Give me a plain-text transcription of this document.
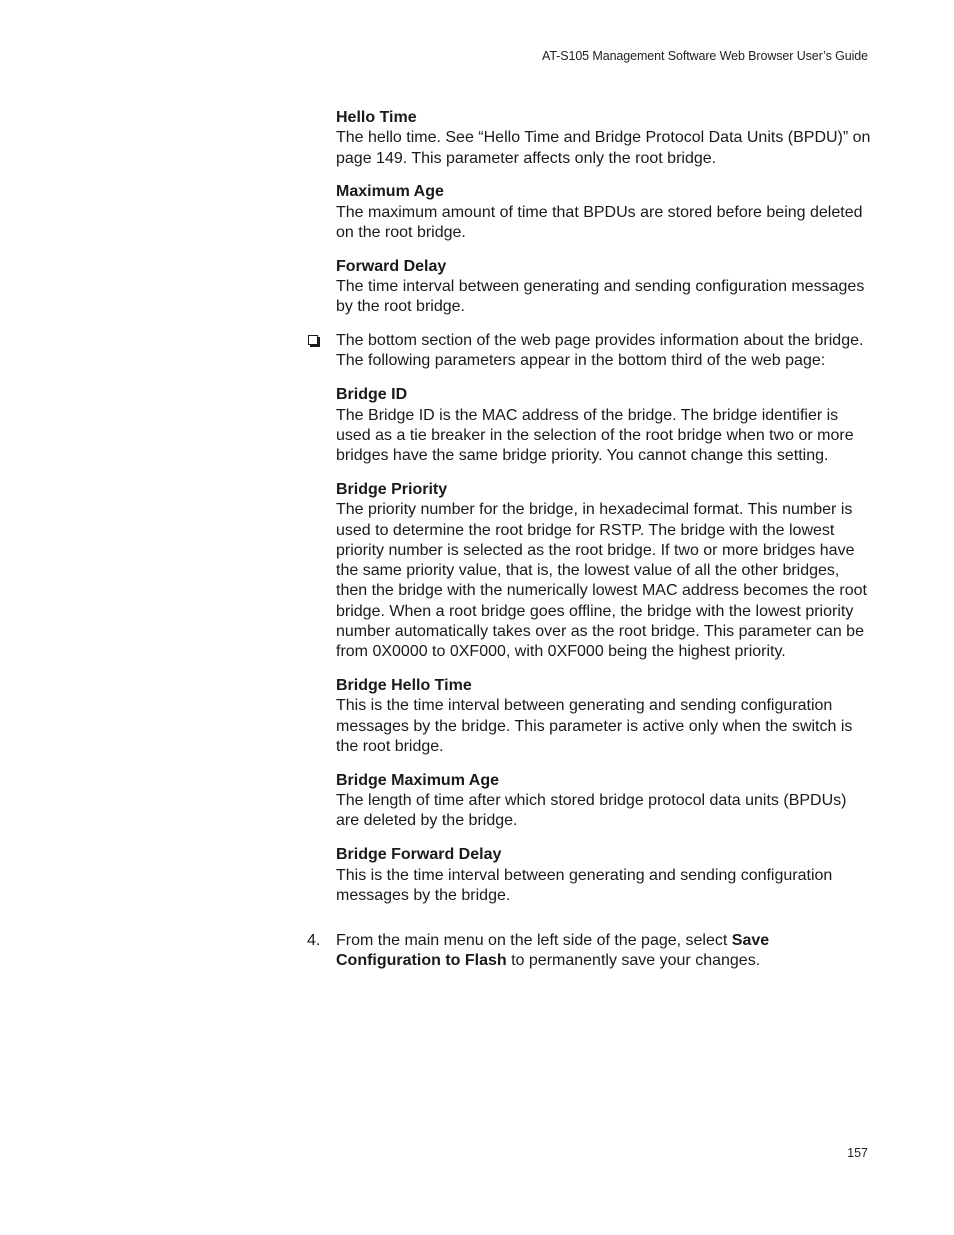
AT-S105 Management Software Web Browser User’s Guide

Hello Time

The hello time. See “Hello Time and Bridge Protocol Data Units (BPDU)” on page 149. This parameter affects only the root bridge.

Maximum Age

The maximum amount of time that BPDUs are stored before being deleted on the root bridge.

Forward Delay

The time interval between generating and sending configuration messages by the root bridge.

The bottom section of the web page provides information about the bridge. The following parameters appear in the bottom third of the web page:

Bridge ID

The Bridge ID is the MAC address of the bridge. The bridge identifier is used as a tie breaker in the selection of the root bridge when two or more bridges have the same bridge priority. You cannot change this setting.

Bridge Priority

The priority number for the bridge, in hexadecimal format. This number is used to determine the root bridge for RSTP. The bridge with the lowest priority number is selected as the root bridge. If two or more bridges have the same priority value, that is, the lowest value of all the other bridges, then the bridge with the numerically lowest MAC address becomes the root bridge. When a root bridge goes offline, the bridge with the lowest priority number automatically takes over as the root bridge. This parameter can be from 0X0000 to 0XF000, with 0XF000 being the highest priority.

Bridge Hello Time

This is the time interval between generating and sending configuration messages by the bridge. This parameter is active only when the switch is the root bridge.

Bridge Maximum Age

The length of time after which stored bridge protocol data units (BPDUs) are deleted by the bridge.

Bridge Forward Delay

This is the time interval between generating and sending configuration messages by the bridge.

4. From the main menu on the left side of the page, select Save Configuration to Flash to permanently save your changes.

157
